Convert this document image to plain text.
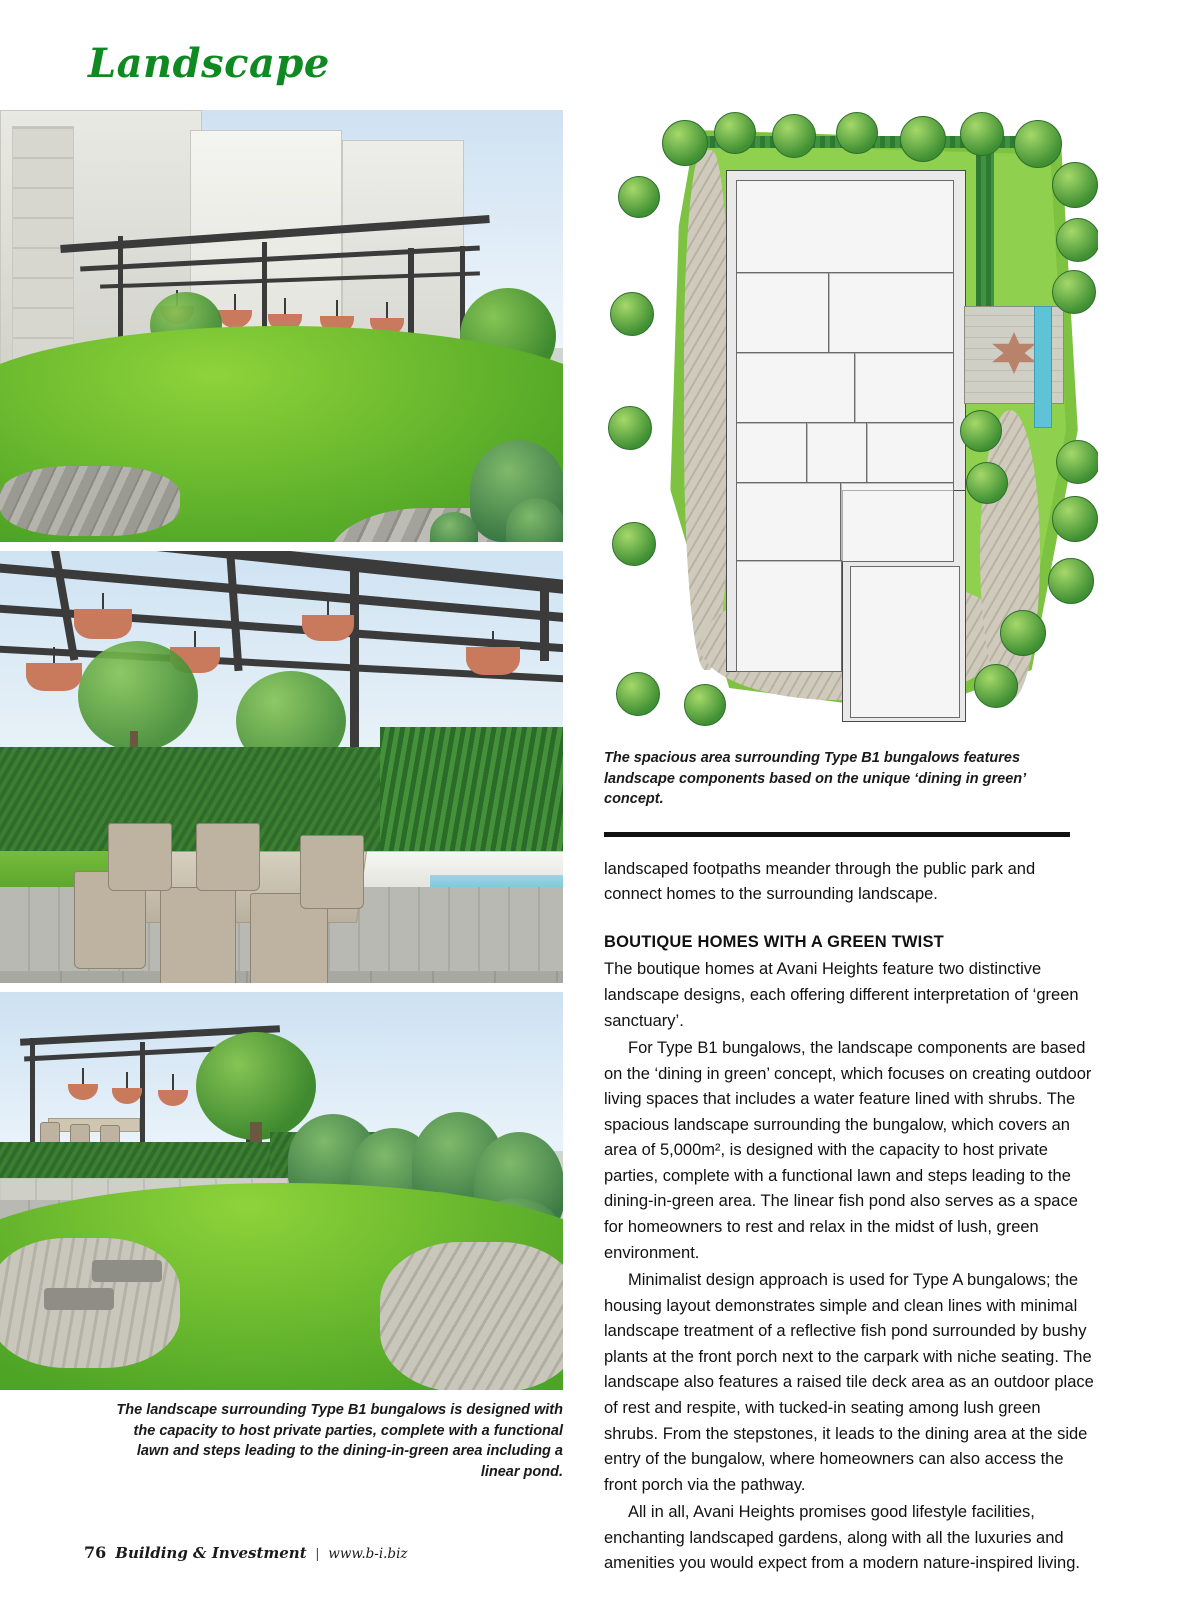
Landscape
The landscape surrounding Type B1 bungalows is designed with the capacity to host private parties, complete with a functional lawn and steps leading to the dining-in-green area including a linear pond.
76 Building & Investment | www.b-i.biz
The spacious area surrounding Type B1 bungalows features landscape components based on the unique ‘dining in green’ concept.

landscaped footpaths meander through the public park and connect homes to the surrounding landscape.

BOUTIQUE HOMES WITH A GREEN TWIST

The boutique homes at Avani Heights feature two distinctive landscape designs, each offering different interpretation of ‘green sanctuary’.

For Type B1 bungalows, the landscape components are based on the ‘dining in green’ concept, which focuses on creating outdoor living spaces that includes a water feature lined with shrubs. The spacious landscape surrounding the bungalow, which covers an area of 5,000m², is designed with the capacity to host private parties, complete with a functional lawn and steps leading to the dining-in-green area. The linear fish pond also serves as a space for homeowners to rest and relax in the midst of lush, green environment.

Minimalist design approach is used for Type A bungalows; the housing layout demonstrates simple and clean lines with minimal landscape treatment of a reflective fish pond surrounded by bushy plants at the front porch next to the carpark with niche seating. The landscape also features a raised tile deck area as an outdoor place of rest and respite, with tucked-in seating among lush green shrubs. From the stepstones, it leads to the dining area at the side entry of the bungalow, where homeowners can also access the front porch via the pathway.

All in all, Avani Heights promises good lifestyle facilities, enchanting landscaped gardens, along with all the luxuries and amenities you would expect from a modern nature-inspired living.
